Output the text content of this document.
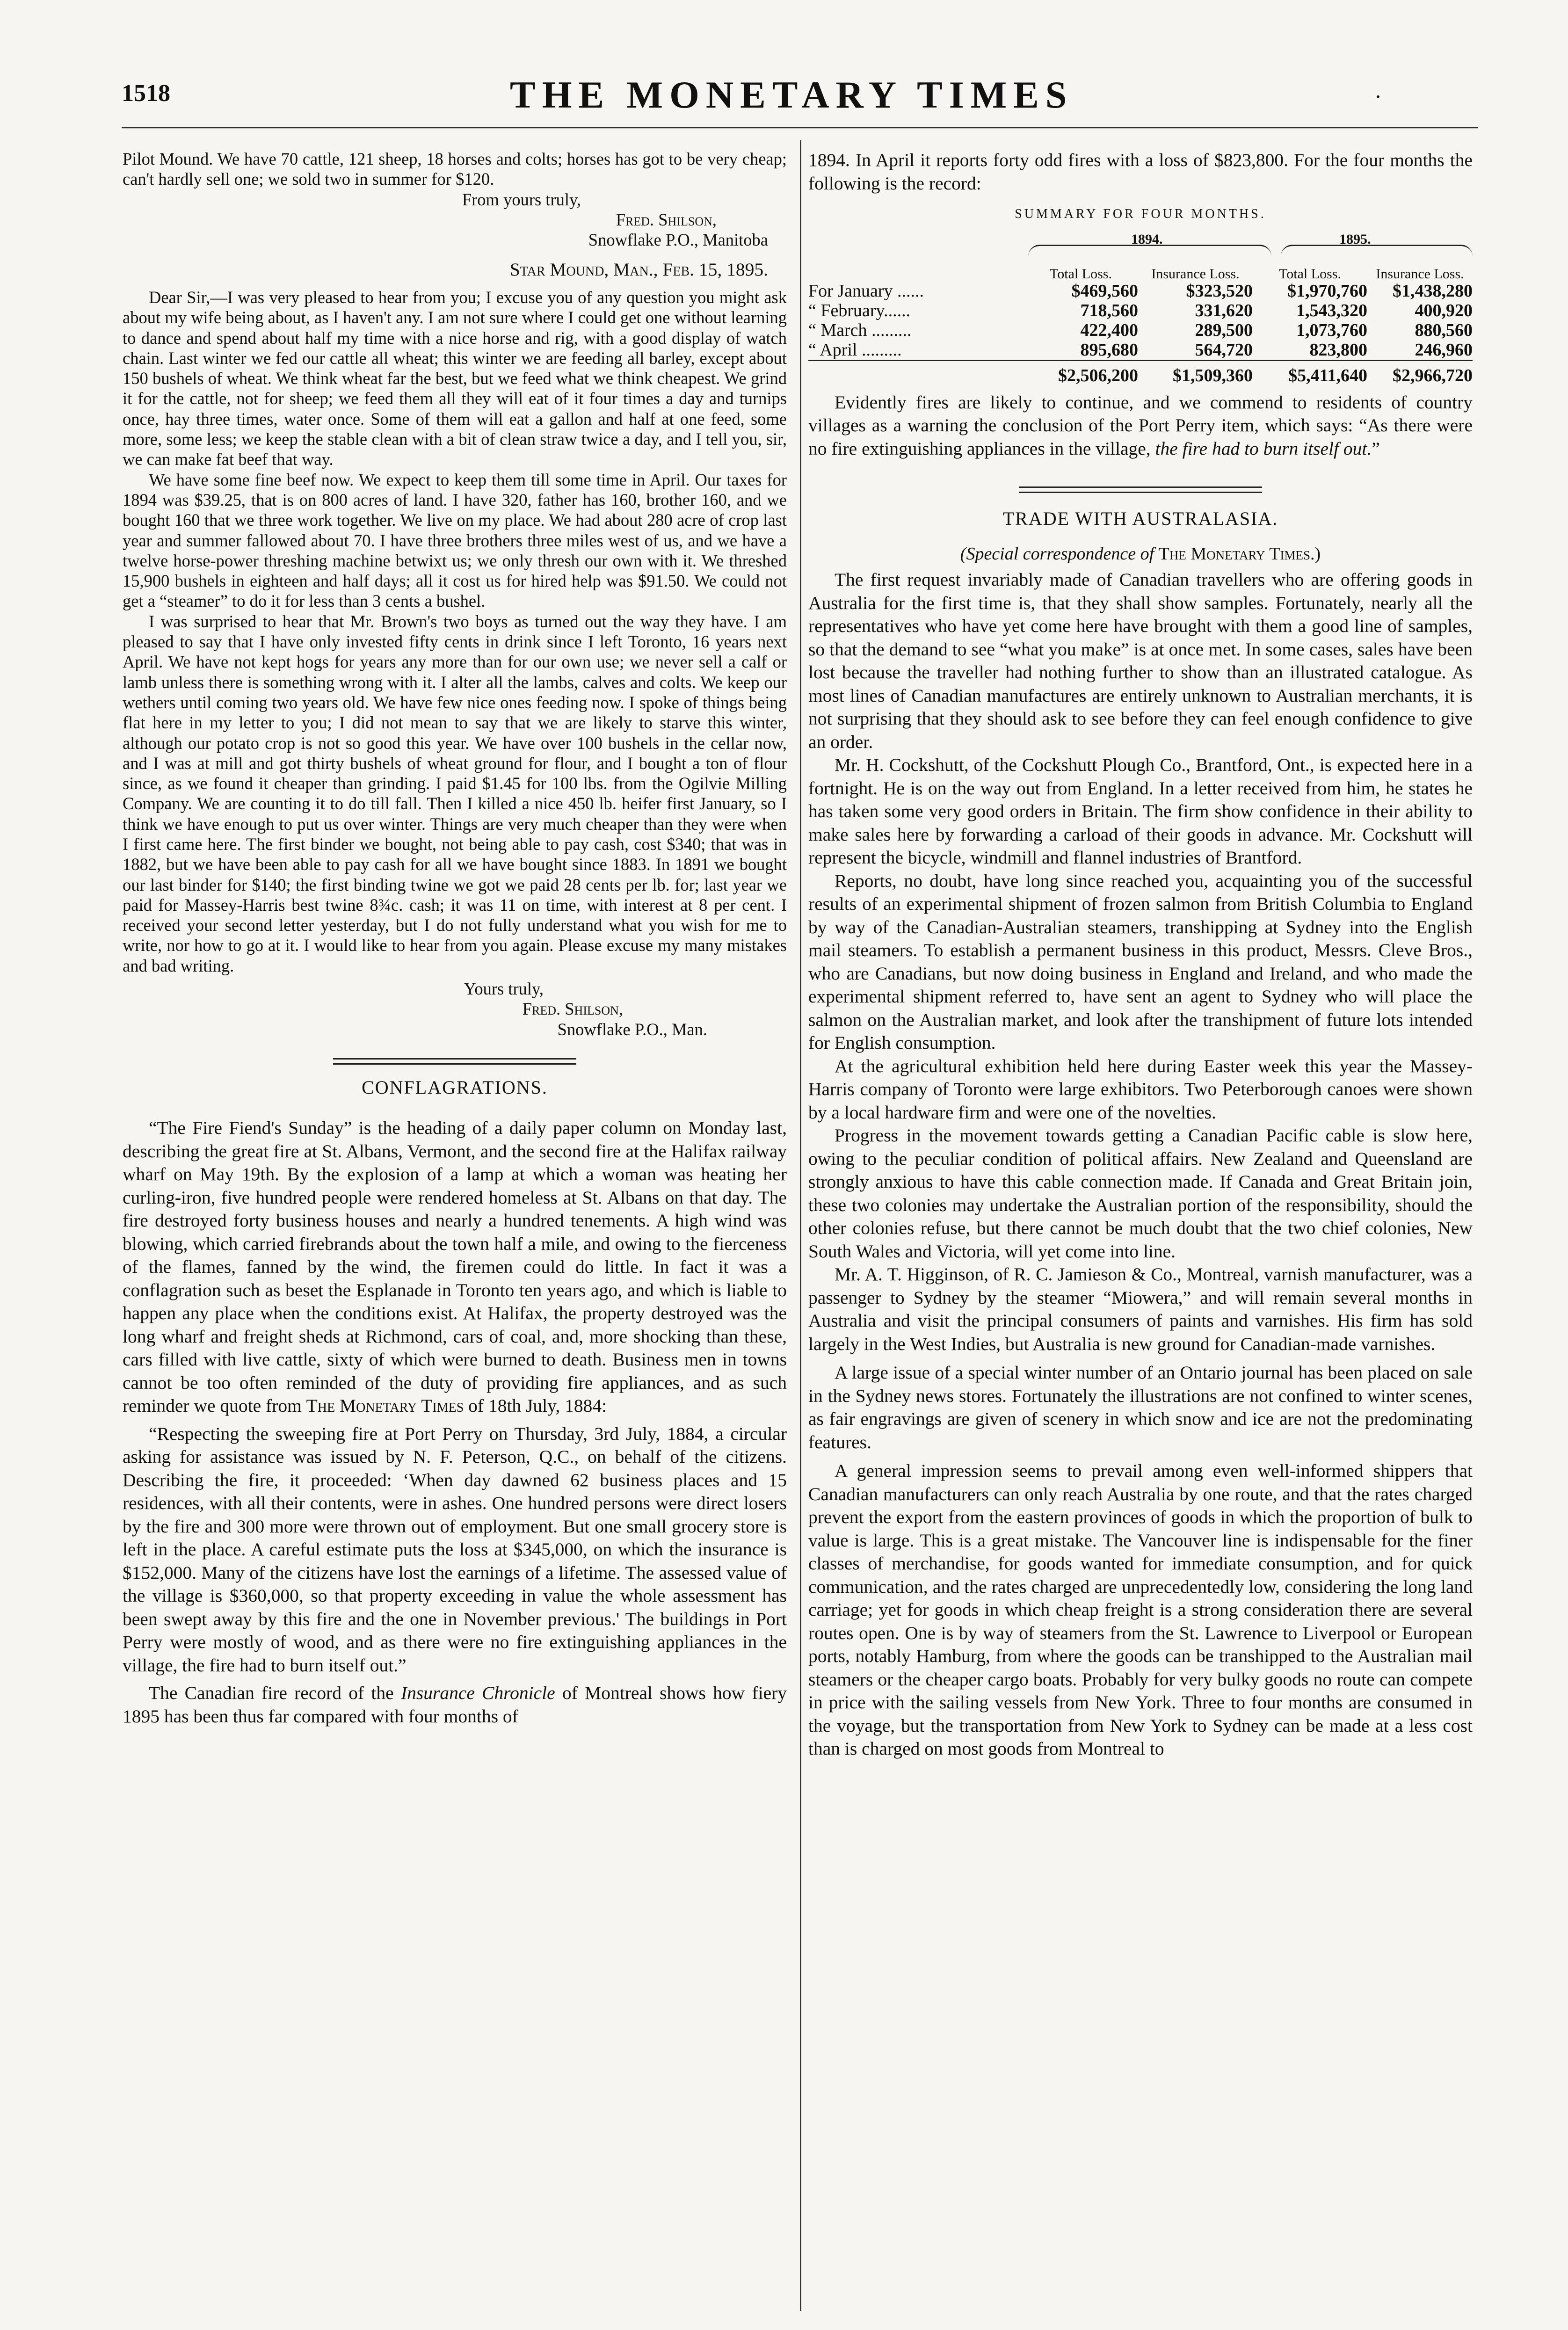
1518	THE MONETARY TIMES	.

Pilot Mound. We have 70 cattle, 121 sheep, 18 horses and colts; horses has got to be very cheap; can't hardly sell one; we sold two in summer for $120.

From yours truly,
Fred. Shilson,
Snowflake P.O., Manitoba
Star Mound, Man., Feb. 15, 1895.

Dear Sir,—I was very pleased to hear from you; I excuse you of any question you might ask about my wife being about, as I haven't any. I am not sure where I could get one without learning to dance and spend about half my time with a nice horse and rig, with a good display of watch chain. Last winter we fed our cattle all wheat; this winter we are feeding all barley, except about 150 bushels of wheat. We think wheat far the best, but we feed what we think cheapest. We grind it for the cattle, not for sheep; we feed them all they will eat of it four times a day and turnips once, hay three times, water once. Some of them will eat a gallon and half at one feed, some more, some less; we keep the stable clean with a bit of clean straw twice a day, and I tell you, sir, we can make fat beef that way.

We have some fine beef now. We expect to keep them till some time in April. Our taxes for 1894 was $39.25, that is on 800 acres of land. I have 320, father has 160, brother 160, and we bought 160 that we three work together. We live on my place. We had about 280 acre of crop last year and summer fallowed about 70. I have three brothers three miles west of us, and we have a twelve horse-power threshing machine betwixt us; we only thresh our own with it. We threshed 15,900 bushels in eighteen and half days; all it cost us for hired help was $91.50. We could not get a “steamer” to do it for less than 3 cents a bushel.

I was surprised to hear that Mr. Brown's two boys as turned out the way they have. I am pleased to say that I have only invested fifty cents in drink since I left Toronto, 16 years next April. We have not kept hogs for years any more than for our own use; we never sell a calf or lamb unless there is something wrong with it. I alter all the lambs, calves and colts. We keep our wethers until coming two years old. We have few nice ones feeding now. I spoke of things being flat here in my letter to you; I did not mean to say that we are likely to starve this winter, although our potato crop is not so good this year. We have over 100 bushels in the cellar now, and I was at mill and got thirty bushels of wheat ground for flour, and I bought a ton of flour since, as we found it cheaper than grinding. I paid $1.45 for 100 lbs. from the Ogilvie Milling Company. We are counting it to do till fall. Then I killed a nice 450 lb. heifer first January, so I think we have enough to put us over winter. Things are very much cheaper than they were when I first came here. The first binder we bought, not being able to pay cash, cost $340; that was in 1882, but we have been able to pay cash for all we have bought since 1883. In 1891 we bought our last binder for $140; the first binding twine we got we paid 28 cents per lb. for; last year we paid for Massey-Harris best twine 8¾c. cash; it was 11 on time, with interest at 8 per cent. I received your second letter yesterday, but I do not fully understand what you wish for me to write, nor how to go at it. I would like to hear from you again. Please excuse my many mistakes and bad writing.

Yours truly,
Fred. Shilson,
Snowflake P.O., Man.
CONFLAGRATIONS.

“The Fire Fiend's Sunday” is the heading of a daily paper column on Monday last, describing the great fire at St. Albans, Vermont, and the second fire at the Halifax railway wharf on May 19th. By the explosion of a lamp at which a woman was heating her curling-iron, five hundred people were rendered homeless at St. Albans on that day. The fire destroyed forty business houses and nearly a hundred tenements. A high wind was blowing, which carried firebrands about the town half a mile, and owing to the fierceness of the flames, fanned by the wind, the firemen could do little. In fact it was a conflagration such as beset the Esplanade in Toronto ten years ago, and which is liable to happen any place when the conditions exist. At Halifax, the property destroyed was the long wharf and freight sheds at Richmond, cars of coal, and, more shocking than these, cars filled with live cattle, sixty of which were burned to death. Business men in towns cannot be too often reminded of the duty of providing fire appliances, and as such reminder we quote from The Monetary Times of 18th July, 1884:

“Respecting the sweeping fire at Port Perry on Thursday, 3rd July, 1884, a circular asking for assistance was issued by N. F. Peterson, Q.C., on behalf of the citizens. Describing the fire, it proceeded: ‘When day dawned 62 business places and 15 residences, with all their contents, were in ashes. One hundred persons were direct losers by the fire and 300 more were thrown out of employment. But one small grocery store is left in the place. A careful estimate puts the loss at $345,000, on which the insurance is $152,000. Many of the citizens have lost the earnings of a lifetime. The assessed value of the village is $360,000, so that property exceeding in value the whole assessment has been swept away by this fire and the one in November previous.' The buildings in Port Perry were mostly of wood, and as there were no fire extinguishing appliances in the village, the fire had to burn itself out.”

The Canadian fire record of the Insurance Chronicle of Montreal shows how fiery 1895 has been thus far compared with four months of

1894. In April it reports forty odd fires with a loss of $823,800. For the four months the following is the record:

SUMMARY FOR FOUR MONTHS.
1894.	1895.
	Total Loss.	Insurance Loss.	Total Loss.	Insurance Loss.
For January ......	$469,560	$323,520	$1,970,760	$1,438,280
“ February......	718,560	331,620	1,543,320	400,920
“ March .........	422,400	289,500	1,073,760	880,560
“ April .........	895,680	564,720	823,800	246,960
	$2,506,200	$1,509,360	$5,411,640	$2,966,720

Evidently fires are likely to continue, and we commend to residents of country villages as a warning the conclusion of the Port Perry item, which says: “As there were no fire extinguishing appliances in the village, the fire had to burn itself out.”

TRADE WITH AUSTRALASIA.
(Special correspondence of The Monetary Times.)

The first request invariably made of Canadian travellers who are offering goods in Australia for the first time is, that they shall show samples. Fortunately, nearly all the representatives who have yet come here have brought with them a good line of samples, so that the demand to see “what you make” is at once met. In some cases, sales have been lost because the traveller had nothing further to show than an illustrated catalogue. As most lines of Canadian manufactures are entirely unknown to Australian merchants, it is not surprising that they should ask to see before they can feel enough confidence to give an order.

Mr. H. Cockshutt, of the Cockshutt Plough Co., Brantford, Ont., is expected here in a fortnight. He is on the way out from England. In a letter received from him, he states he has taken some very good orders in Britain. The firm show confidence in their ability to make sales here by forwarding a carload of their goods in advance. Mr. Cockshutt will represent the bicycle, windmill and flannel industries of Brantford.

Reports, no doubt, have long since reached you, acquainting you of the successful results of an experimental shipment of frozen salmon from British Columbia to England by way of the Canadian-Australian steamers, transhipping at Sydney into the English mail steamers. To establish a permanent business in this product, Messrs. Cleve Bros., who are Canadians, but now doing business in England and Ireland, and who made the experimental shipment referred to, have sent an agent to Sydney who will place the salmon on the Australian market, and look after the transhipment of future lots intended for English consumption.

At the agricultural exhibition held here during Easter week this year the Massey-Harris company of Toronto were large exhibitors. Two Peterborough canoes were shown by a local hardware firm and were one of the novelties.

Progress in the movement towards getting a Canadian Pacific cable is slow here, owing to the peculiar condition of political affairs. New Zealand and Queensland are strongly anxious to have this cable connection made. If Canada and Great Britain join, these two colonies may undertake the Australian portion of the responsibility, should the other colonies refuse, but there cannot be much doubt that the two chief colonies, New South Wales and Victoria, will yet come into line.

Mr. A. T. Higginson, of R. C. Jamieson & Co., Montreal, varnish manufacturer, was a passenger to Sydney by the steamer “Miowera,” and will remain several months in Australia and visit the principal consumers of paints and varnishes. His firm has sold largely in the West Indies, but Australia is new ground for Canadian-made varnishes.

A large issue of a special winter number of an Ontario journal has been placed on sale in the Sydney news stores. Fortunately the illustrations are not confined to winter scenes, as fair engravings are given of scenery in which snow and ice are not the predominating features.

A general impression seems to prevail among even well-informed shippers that Canadian manufacturers can only reach Australia by one route, and that the rates charged prevent the export from the eastern provinces of goods in which the proportion of bulk to value is large. This is a great mistake. The Vancouver line is indispensable for the finer classes of merchandise, for goods wanted for immediate consumption, and for quick communication, and the rates charged are unprecedentedly low, considering the long land carriage; yet for goods in which cheap freight is a strong consideration there are several routes open. One is by way of steamers from the St. Lawrence to Liverpool or European ports, notably Hamburg, from where the goods can be transhipped to the Australian mail steamers or the cheaper cargo boats. Probably for very bulky goods no route can compete in price with the sailing vessels from New York. Three to four months are consumed in the voyage, but the transportation from New York to Sydney can be made at a less cost than is charged on most goods from Montreal to
